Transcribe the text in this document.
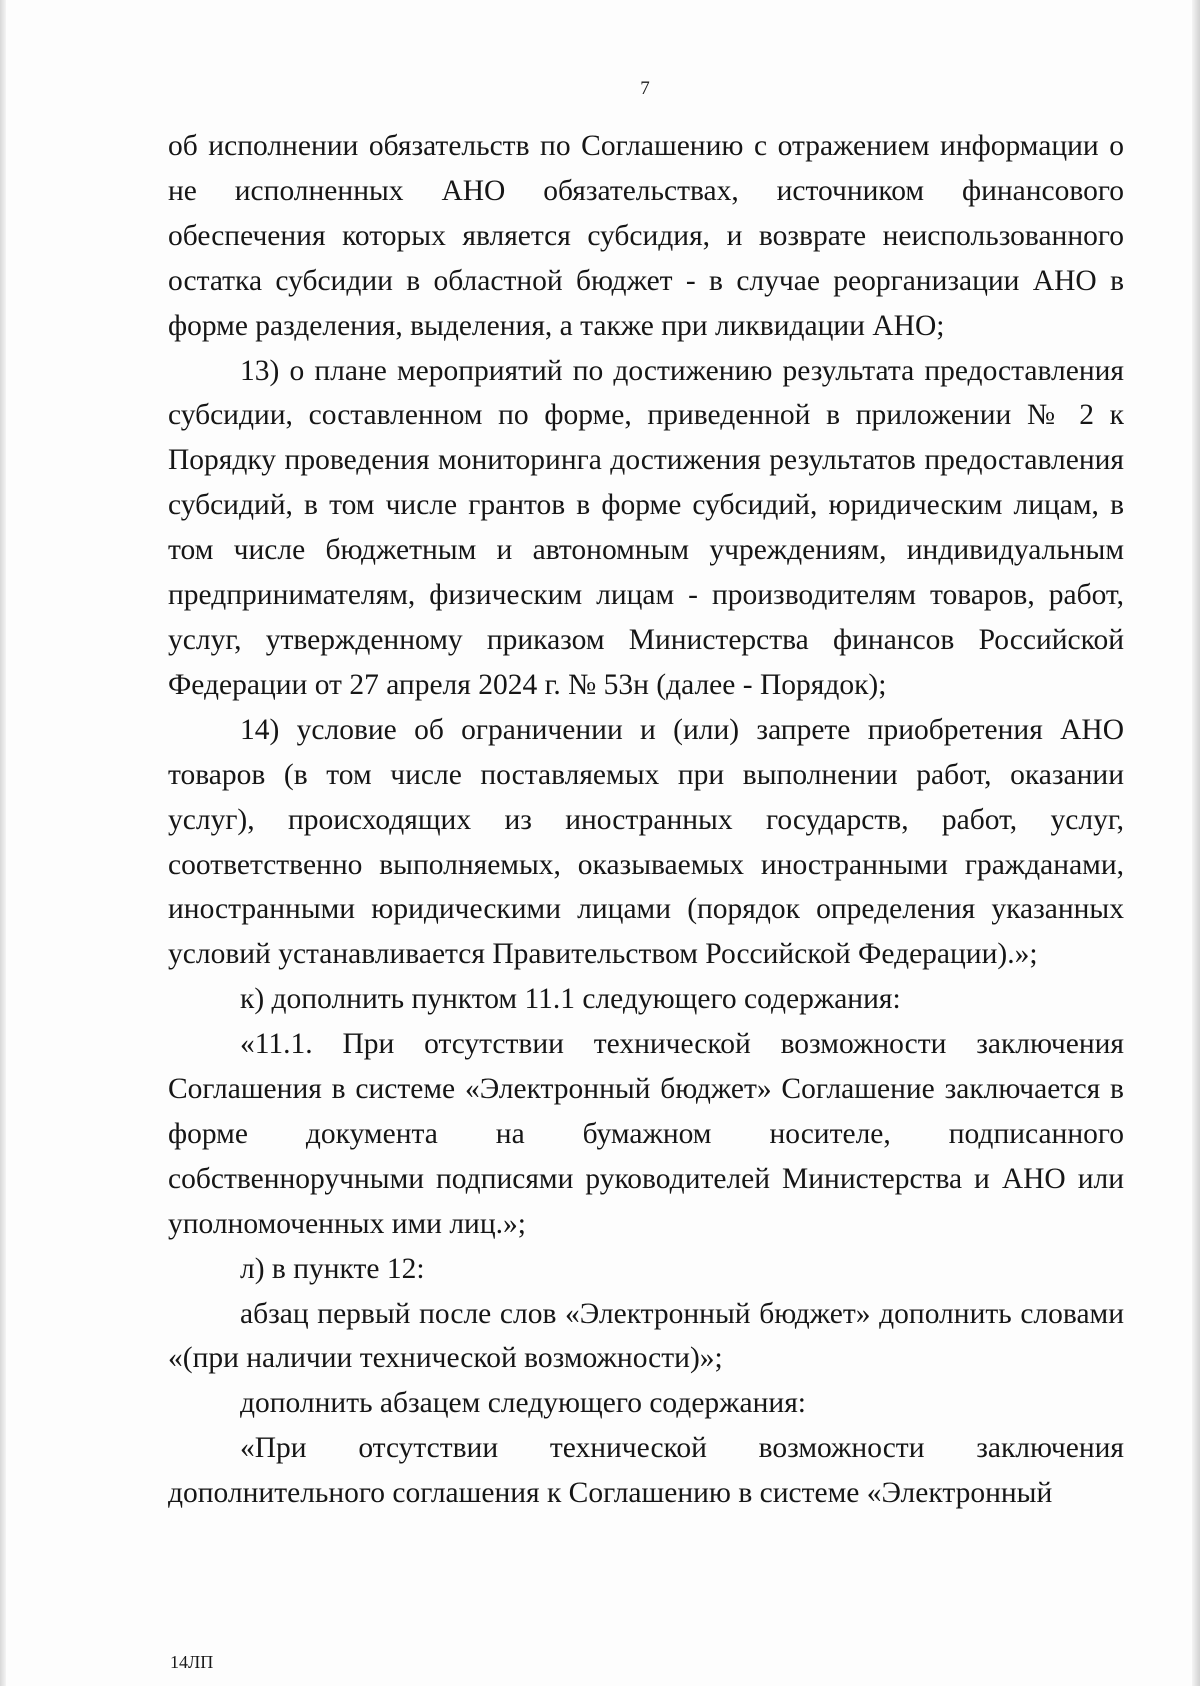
7

об исполнении обязательств по Соглашению с отражением информации о не исполненных АНО обязательствах, источником финансового обеспечения которых является субсидия, и возврате неиспользованного остатка субсидии в областной бюджет - в случае реорганизации АНО в форме разделения, выделения, а также при ликвидации АНО;

13) о плане мероприятий по достижению результата предоставления субсидии, составленном по форме, приведенной в приложении № 2 к Порядку проведения мониторинга достижения результатов предоставления субсидий, в том числе грантов в форме субсидий, юридическим лицам, в том числе бюджетным и автономным учреждениям, индивидуальным предпринимателям, физическим лицам - производителям товаров, работ, услуг, утвержденному приказом Министерства финансов Российской Федерации от 27 апреля 2024 г. № 53н (далее - Порядок);

14) условие об ограничении и (или) запрете приобретения АНО товаров (в том числе поставляемых при выполнении работ, оказании услуг), происходящих из иностранных государств, работ, услуг, соответственно выполняемых, оказываемых иностранными гражданами, иностранными юридическими лицами (порядок определения указанных условий устанавливается Правительством Российской Федерации).»;

к) дополнить пунктом 11.1 следующего содержания:

«11.1. При отсутствии технической возможности заключения Соглашения в системе «Электронный бюджет» Соглашение заключается в форме документа на бумажном носителе, подписанного собственноручными подписями руководителей Министерства и АНО или уполномоченных ими лиц.»;

л) в пункте 12:

абзац первый после слов «Электронный бюджет» дополнить словами «(при наличии технической возможности)»;

дополнить абзацем следующего содержания:

«При отсутствии технической возможности заключения дополнительного соглашения к Соглашению в системе «Электронный

14ЛП
